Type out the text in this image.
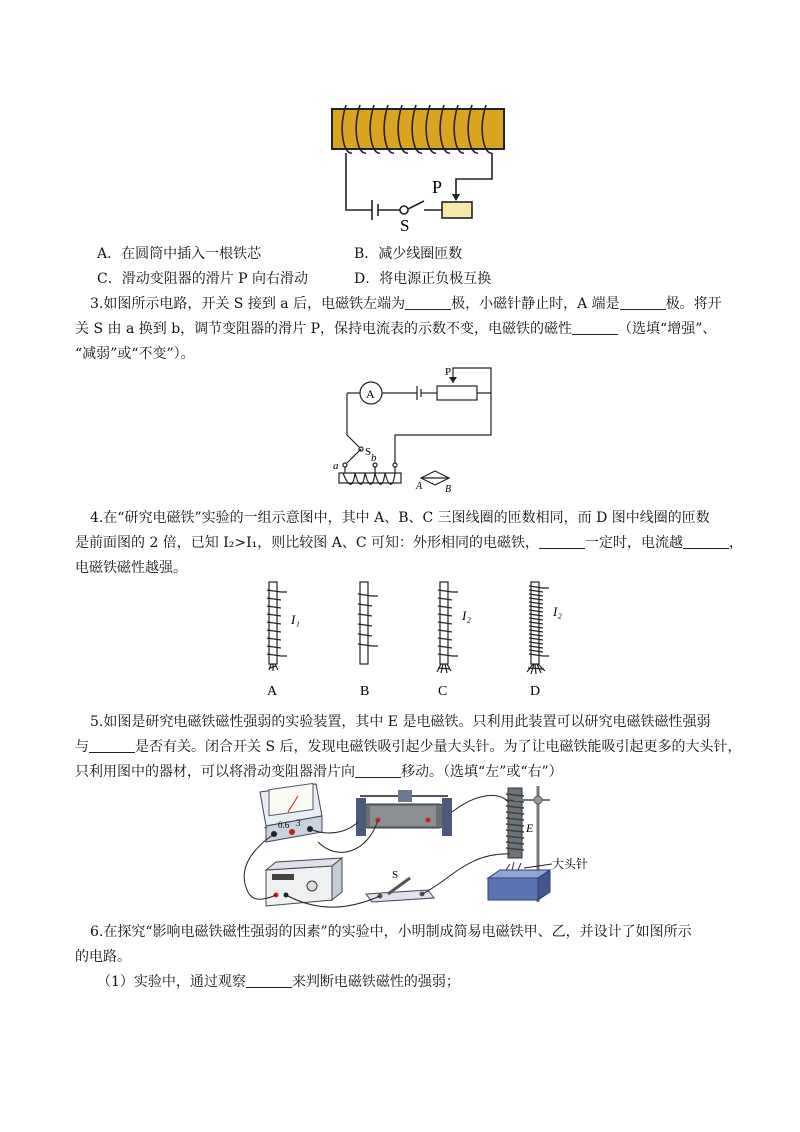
P
S
A．在圆筒中插入一根铁芯	B．减少线圈匝数
C．滑动变阻器的滑片 P 向右滑动	D．将电源正负极互换
3.如图所示电路，开关 S 接到 a 后，电磁铁左端为	极，小磁针静止时，A 端是	极。将开
关 S 由 a 换到 b，调节变阻器的滑片 P，保持电流表的示数不变，电磁铁的磁性	（选填“增强”、
“减弱”或“不变”）。
A
P
S
a
b
A B
4.在“研究电磁铁”实验的一组示意图中，其中 A、B、C 三图线圈的匝数相同，而 D 图中线圈的匝数
是前面图的 2 倍，已知 I₂>I₁，则比较图 A、C 可知：外形相同的电磁铁，	一定时，电流越	，
电磁铁磁性越强。
I₁	I₂	I₂
A	B	C	D
5.如图是研究电磁铁磁性强弱的实验装置，其中 E 是电磁铁。只利用此装置可以研究电磁铁磁性强弱
与	是否有关。闭合开关 S 后，发现电磁铁吸引起少量大头针。为了让电磁铁能吸引起更多的大头针，
只利用图中的器材，可以将滑动变阻器滑片向	移动。（选填“左”或“右”）
- 0.6 3	E
大头针
S
6.在探究“影响电磁铁磁性强弱的因素”的实验中，小明制成简易电磁铁甲、乙，并设计了如图所示
的电路。
（1）实验中，通过观察	来判断电磁铁磁性的强弱；
